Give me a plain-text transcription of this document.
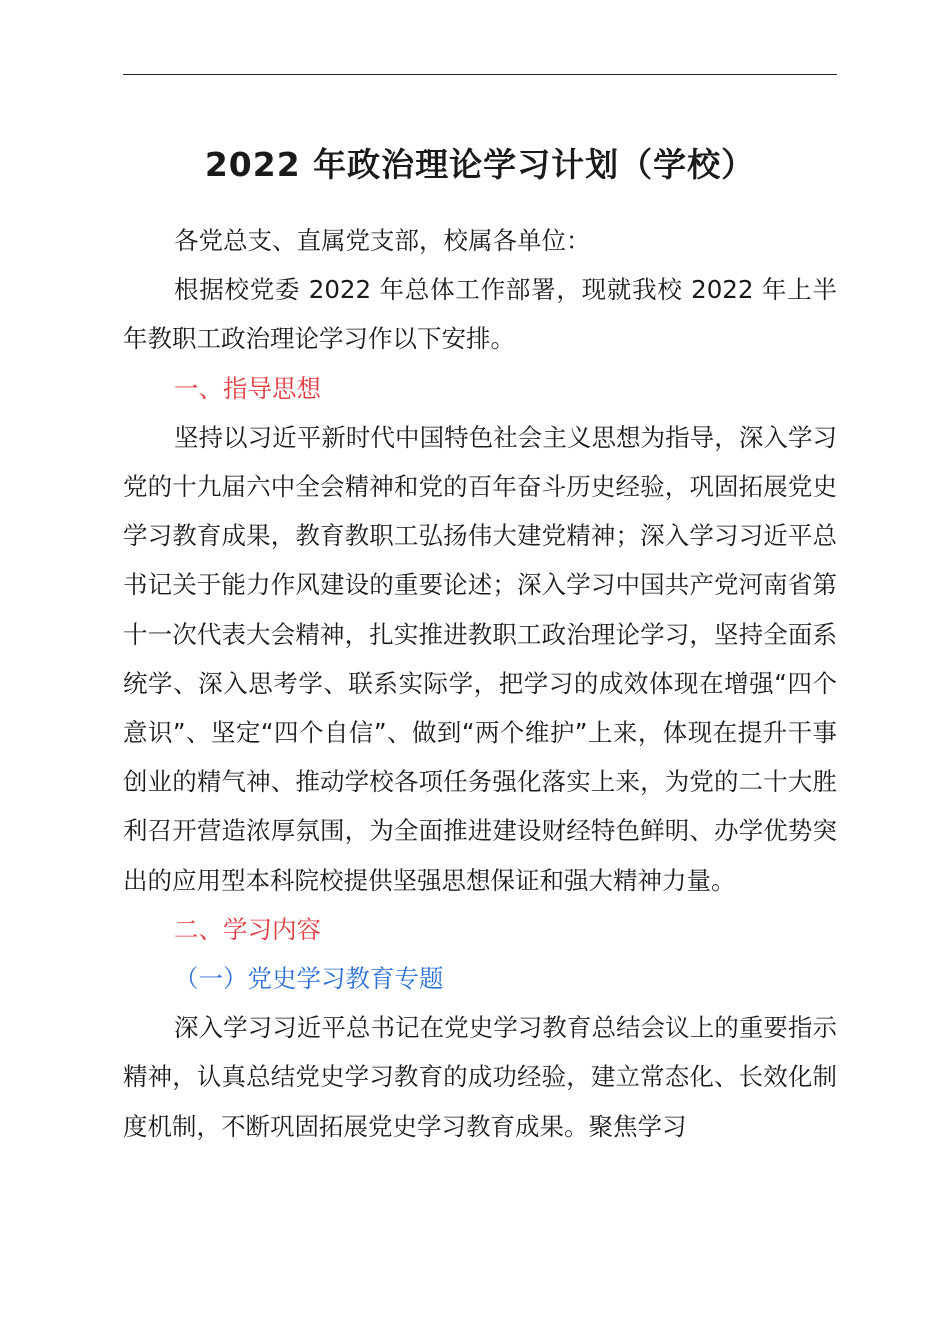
2022 年政治理论学习计划（学校）

各党总支、直属党支部，校属各单位：

根据校党委 2022 年总体工作部署，现就我校 2022 年上半年教职工政治理论学习作以下安排。

一、指导思想

坚持以习近平新时代中国特色社会主义思想为指导，深入学习党的十九届六中全会精神和党的百年奋斗历史经验，巩固拓展党史学习教育成果，教育教职工弘扬伟大建党精神；深入学习习近平总书记关于能力作风建设的重要论述；深入学习中国共产党河南省第十一次代表大会精神，扎实推进教职工政治理论学习，坚持全面系统学、深入思考学、联系实际学，把学习的成效体现在增强“四个意识”、坚定“四个自信”、做到“两个维护”上来，体现在提升干事创业的精气神、推动学校各项任务强化落实上来，为党的二十大胜利召开营造浓厚氛围，为全面推进建设财经特色鲜明、办学优势突出的应用型本科院校提供坚强思想保证和强大精神力量。

二、学习内容

（一）党史学习教育专题

深入学习习近平总书记在党史学习教育总结会议上的重要指示精神，认真总结党史学习教育的成功经验，建立常态化、长效化制度机制，不断巩固拓展党史学习教育成果。聚焦学习
